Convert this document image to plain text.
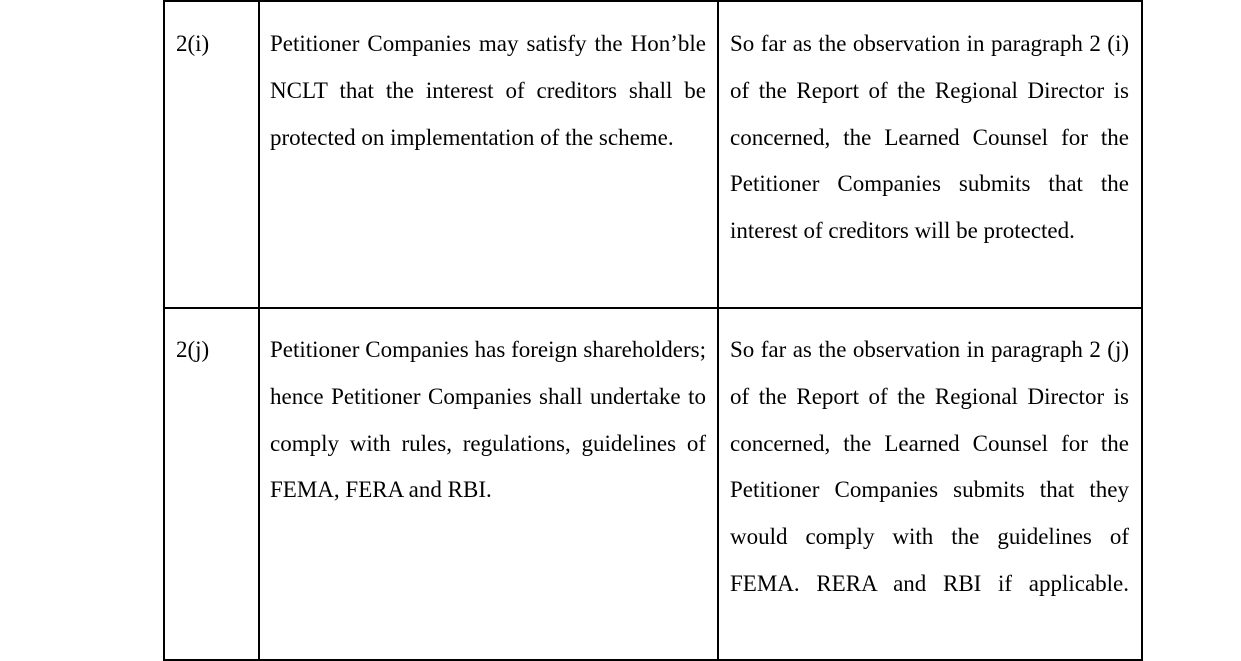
2(i)	Petitioner Companies may satisfy the Hon’ble NCLT that the interest of creditors shall be protected on implementation of the scheme.	So far as the observation in paragraph 2 (i) of the Report of the Regional Director is concerned, the Learned Counsel for the Petitioner Companies submits that the interest of creditors will be protected.

2(j)	Petitioner Companies has foreign shareholders; hence Petitioner Companies shall undertake to comply with rules, regulations, guidelines of FEMA, FERA and RBI.	So far as the observation in paragraph 2 (j) of the Report of the Regional Director is concerned, the Learned Counsel for the Petitioner Companies submits that they would comply with the guidelines of FEMA. RERA and RBI if applicable.
